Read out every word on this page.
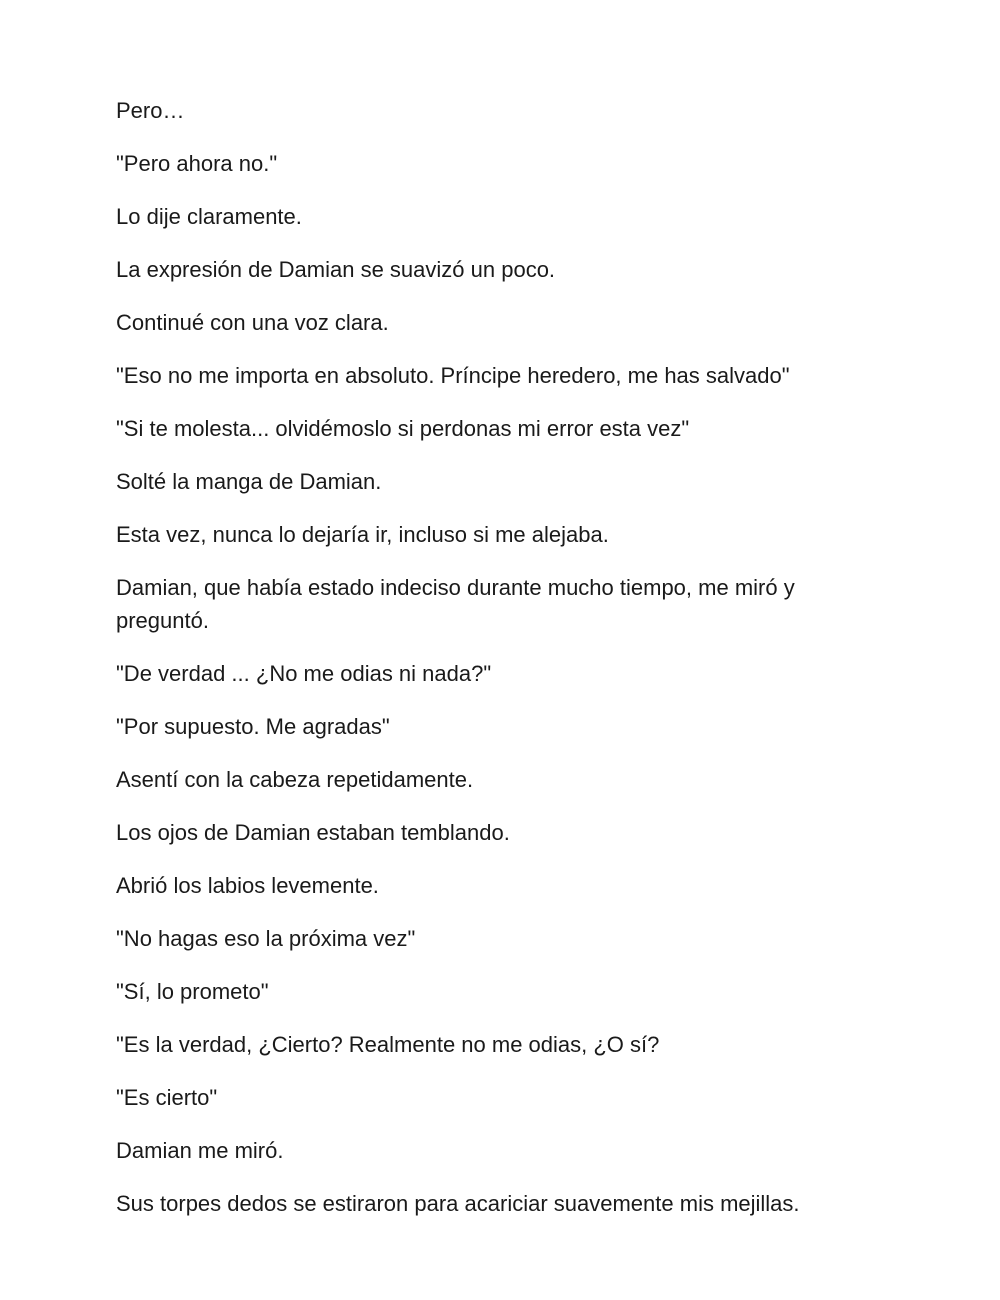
Pero…

"Pero ahora no."

Lo dije claramente.

La expresión de Damian se suavizó un poco.

Continué con una voz clara.

"Eso no me importa en absoluto. Príncipe heredero, me has salvado"

"Si te molesta... olvidémoslo si perdonas mi error esta vez"

Solté la manga de Damian.

Esta vez, nunca lo dejaría ir, incluso si me alejaba.

Damian, que había estado indeciso durante mucho tiempo, me miró y preguntó.

"De verdad ... ¿No me odias ni nada?"

"Por supuesto. Me agradas"

Asentí con la cabeza repetidamente.

Los ojos de Damian estaban temblando.

Abrió los labios levemente.

"No hagas eso la próxima vez"

"Sí, lo prometo"

"Es la verdad, ¿Cierto? Realmente no me odias, ¿O sí?

"Es cierto"

Damian me miró.

Sus torpes dedos se estiraron para acariciar suavemente mis mejillas.
